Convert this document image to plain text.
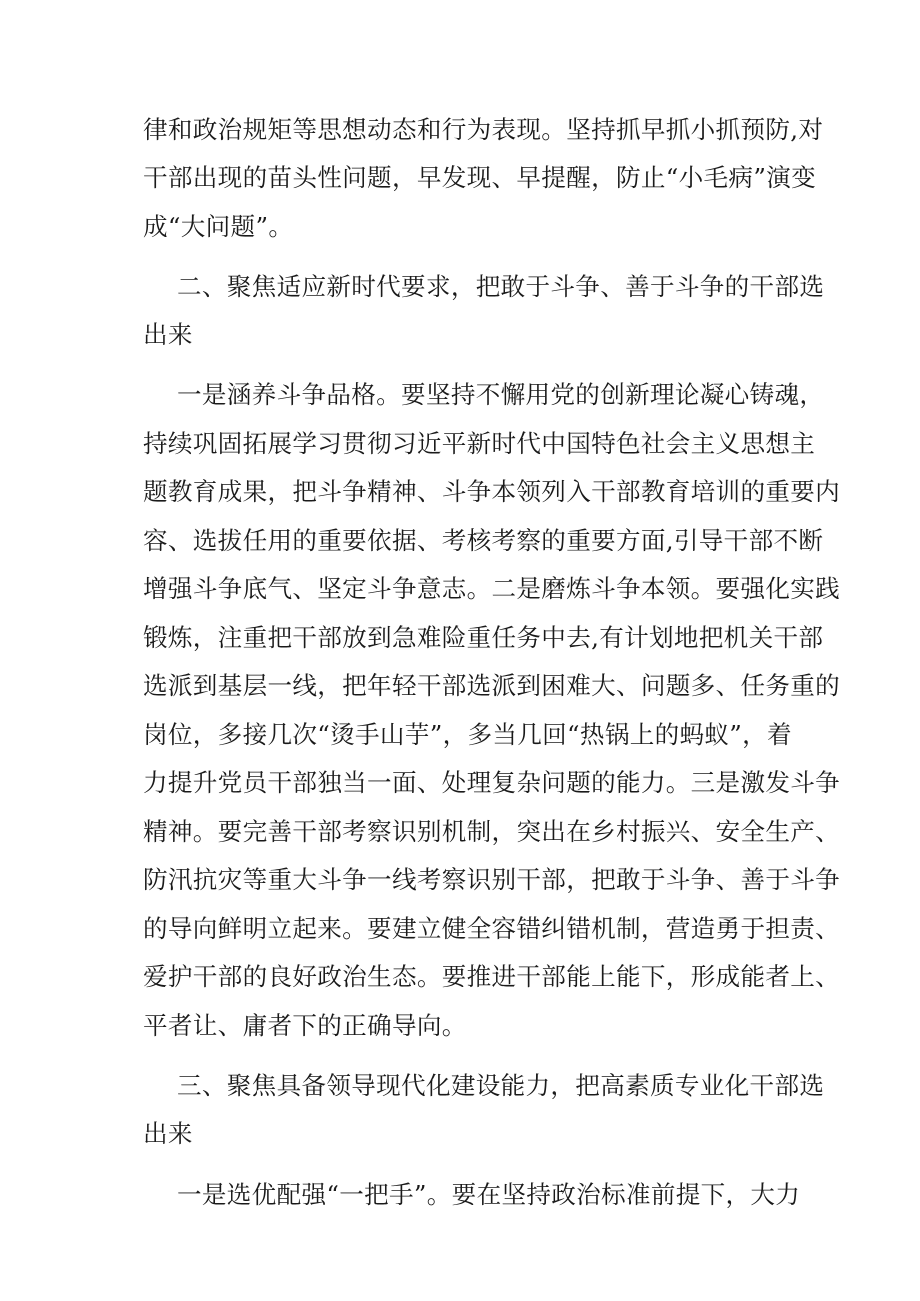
律和政治规矩等思想动态和行为表现。坚持抓早抓小抓预防,对
干部出现的苗头性问题，早发现、早提醒，防止“小毛病”演变
成“大问题”。
二、聚焦适应新时代要求，把敢于斗争、善于斗争的干部选
出来
一是涵养斗争品格。要坚持不懈用党的创新理论凝心铸魂，
持续巩固拓展学习贯彻习近平新时代中国特色社会主义思想主
题教育成果，把斗争精神、斗争本领列入干部教育培训的重要内
容、选拔任用的重要依据、考核考察的重要方面,引导干部不断
增强斗争底气、坚定斗争意志。二是磨炼斗争本领。要强化实践
锻炼，注重把干部放到急难险重任务中去,有计划地把机关干部
选派到基层一线，把年轻干部选派到困难大、问题多、任务重的
岗位，多接几次“烫手山芋”，多当几回“热锅上的蚂蚁”，着
力提升党员干部独当一面、处理复杂问题的能力。三是激发斗争
精神。要完善干部考察识别机制，突出在乡村振兴、安全生产、
防汛抗灾等重大斗争一线考察识别干部，把敢于斗争、善于斗争
的导向鲜明立起来。要建立健全容错纠错机制，营造勇于担责、
爱护干部的良好政治生态。要推进干部能上能下，形成能者上、
平者让、庸者下的正确导向。
三、聚焦具备领导现代化建设能力，把高素质专业化干部选
出来
一是选优配强“一把手”。要在坚持政治标准前提下，大力
